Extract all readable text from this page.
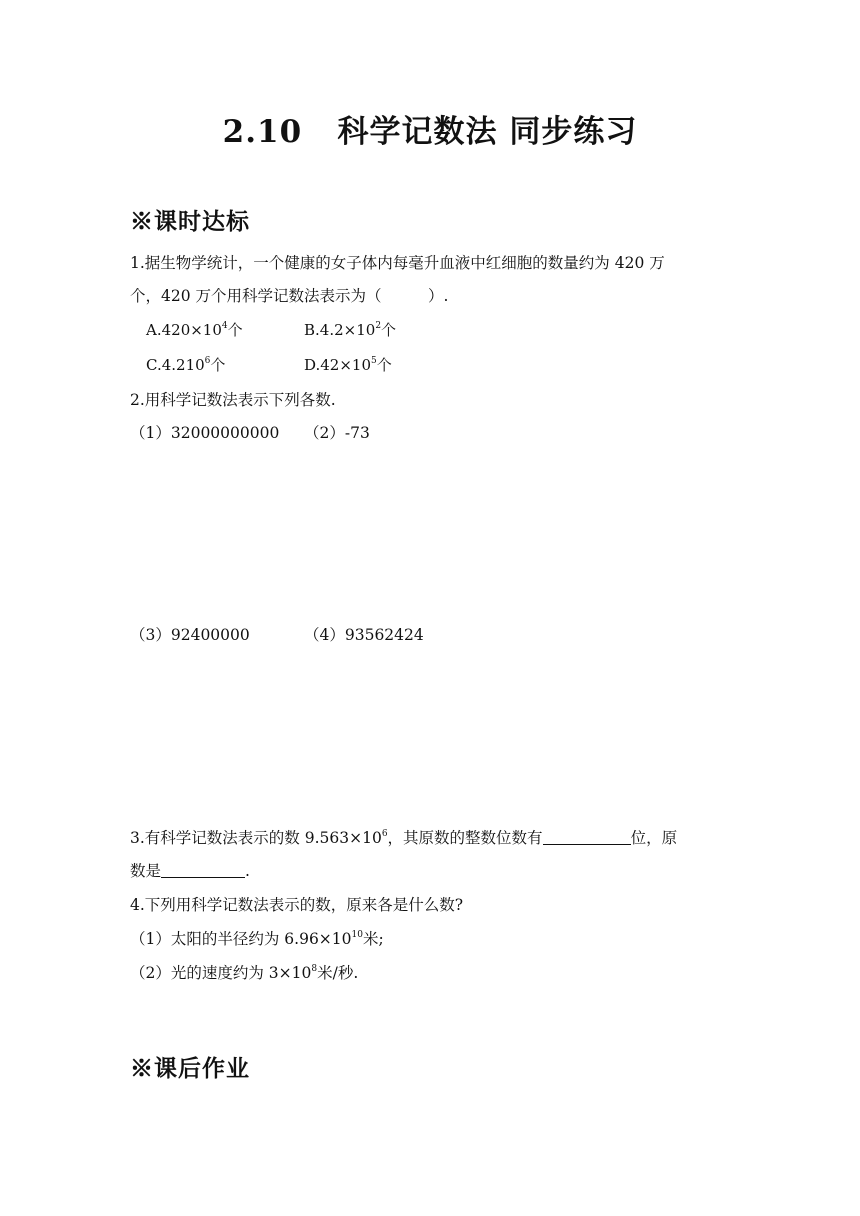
2.10   科学记数法 同步练习
※课时达标
1.据生物学统计，一个健康的女子体内每毫升血液中红细胞的数量约为 420 万
个，420 万个用科学记数法表示为（　　　）.
$A.420\times 10^4$个	$B.4.2\times 10^2$个
C.4.210$^6$个	$D.42\times 10^5$个
2.用科学记数法表示下列各数.
（1）32000000000 （2）-73
（3）92400000	（4）93562424
3.有科学记数法表示的数 $9.563\times 10^6$，其原数的整数位数有	位，原
数是	.
4.下列用科学记数法表示的数，原来各是什么数?
（1）太阳的半径约为 $6.96\times 10^{10}$米;
（2）光的速度约为 $3\times 10^8$米/秒.
※课后作业
